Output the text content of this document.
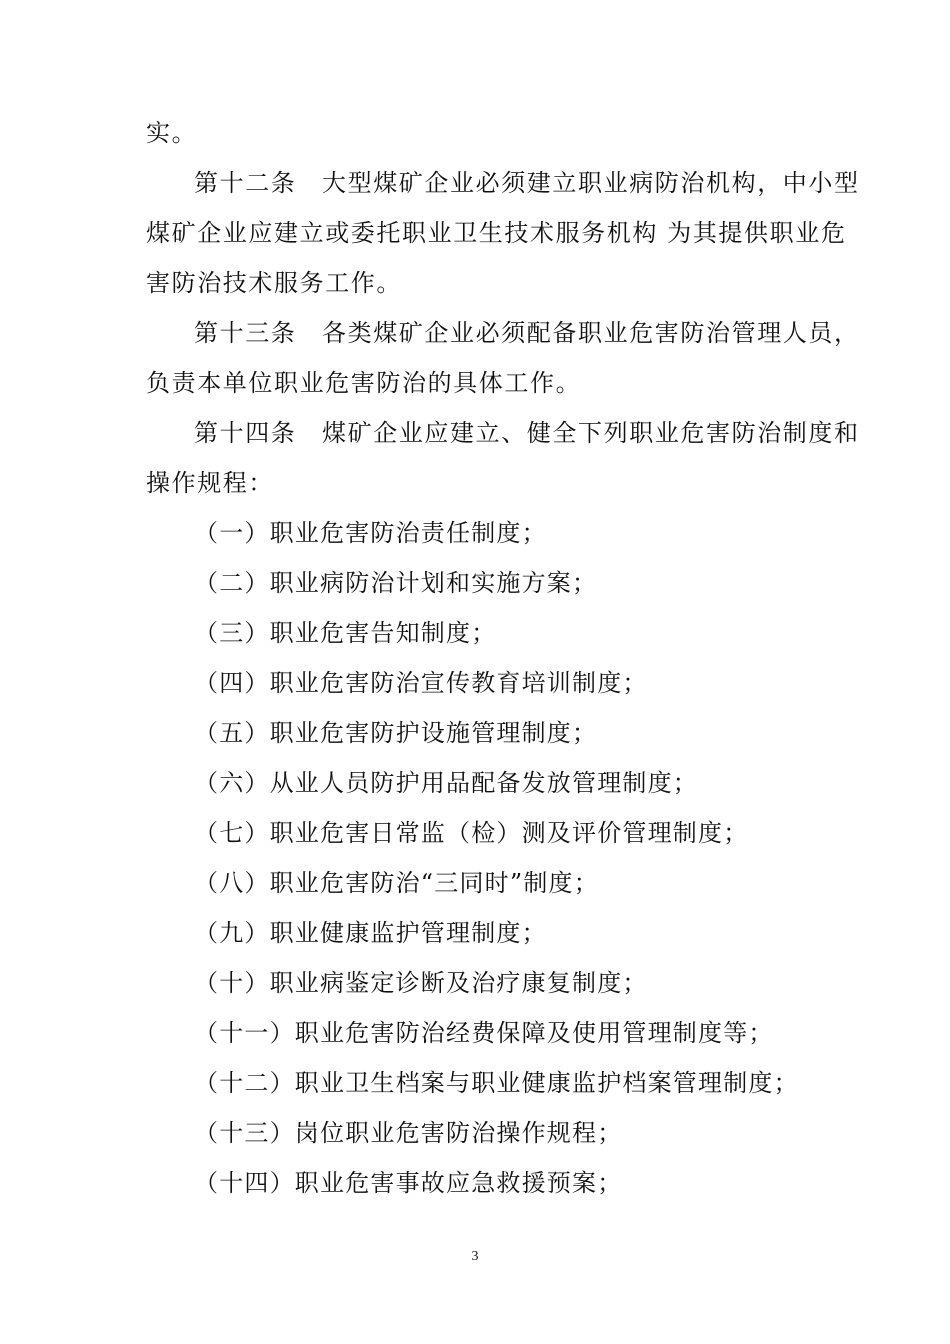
实。
第十二条　大型煤矿企业必须建立职业病防治机构，中小型
煤矿企业应建立或委托职业卫生技术服务机构 为其提供职业危
害防治技术服务工作。
第十三条　各类煤矿企业必须配备职业危害防治管理人员，
负责本单位职业危害防治的具体工作。
第十四条　煤矿企业应建立、健全下列职业危害防治制度和
操作规程：
（一）职业危害防治责任制度；
（二）职业病防治计划和实施方案；
（三）职业危害告知制度；
（四）职业危害防治宣传教育培训制度；
（五）职业危害防护设施管理制度；
（六）从业人员防护用品配备发放管理制度；
（七）职业危害日常监（检）测及评价管理制度；
（八）职业危害防治“三同时”制度；
（九）职业健康监护管理制度；
（十）职业病鉴定诊断及治疗康复制度；
（十一）职业危害防治经费保障及使用管理制度等；
（十二）职业卫生档案与职业健康监护档案管理制度；
（十三）岗位职业危害防治操作规程；
（十四）职业危害事故应急救援预案；
3
